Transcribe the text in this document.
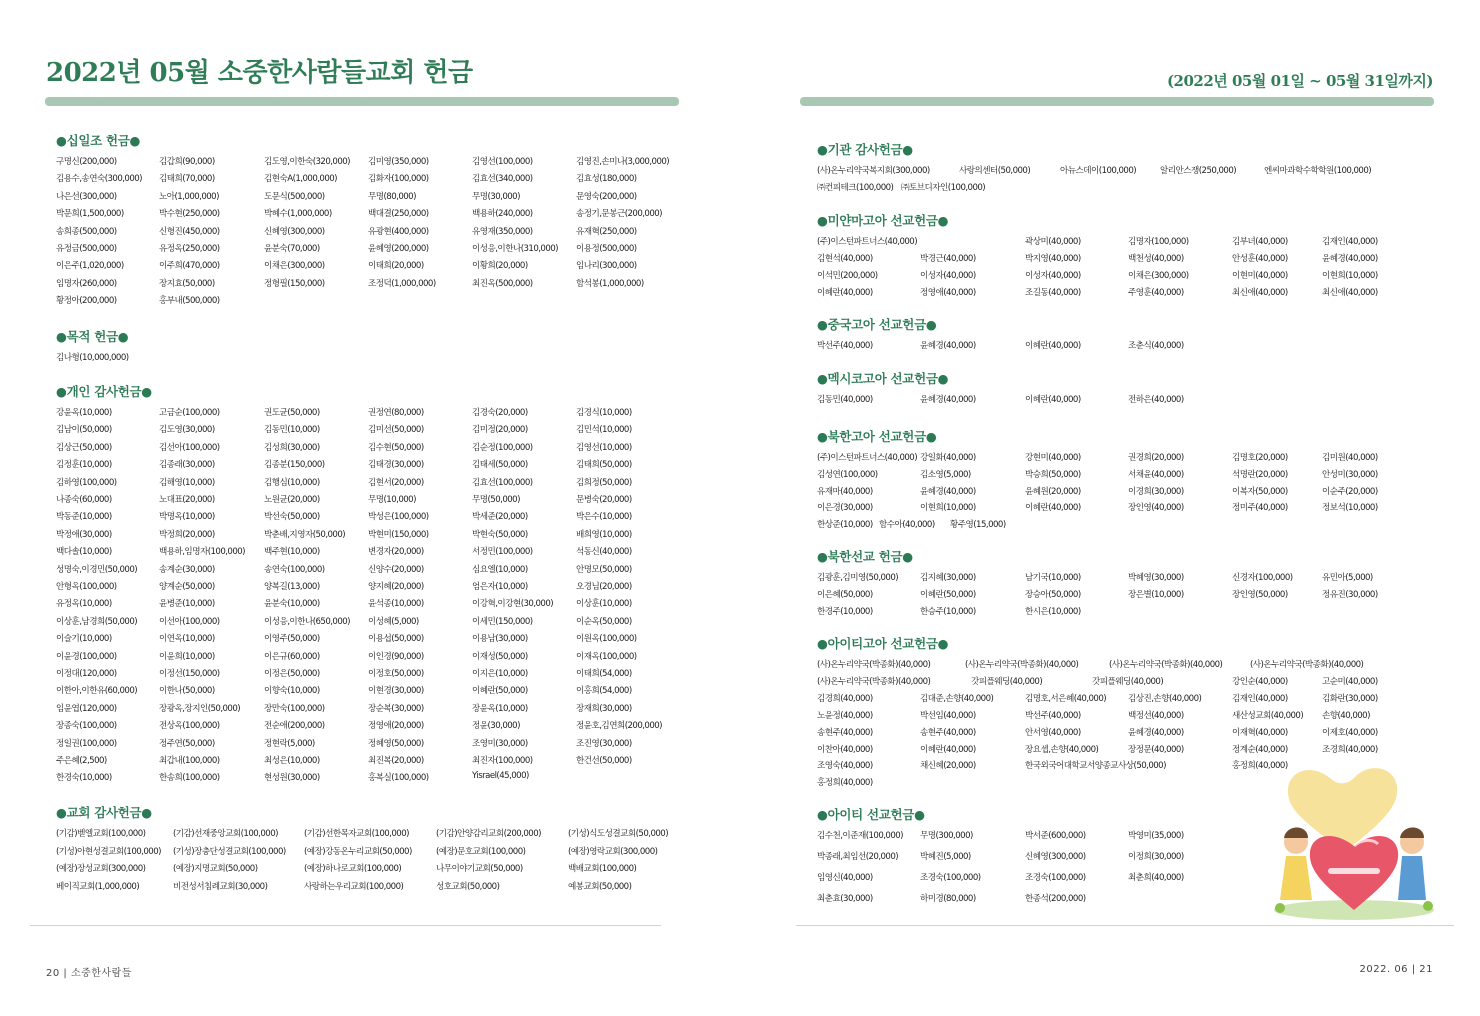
2022년 05월 소중한사람들교회 헌금	(2022년 05월 01일 ~ 05월 31일까지)
●십일조 헌금●
구명신(200,000)	김갑희(90,000)	김도영,이한숙(320,000) 김미영(350,000)	김영선(100,000)	김영진,손미나(3,000,000)
김용수,송연숙(300,000) 김태희(70,000)	김현숙A(1,000,000)	김화자(100,000)	김효선(340,000)	김효성(180,000)
나은선(300,000)	노아(1,000,000)	도문식(500,000)	무명(80,000)	무명(30,000)	문영숙(200,000)
박문희(1,500,000)	박수현(250,000)	박혜수(1,000,000)	백대결(250,000)	백용하(240,000)	송정기,문봉근(200,000)
송희종(500,000)	신형진(450,000)	신혜영(300,000)	유광현(400,000)	유영재(350,000)	유재혁(250,000)
유정금(500,000)	유정옥(250,000)	윤분숙(70,000)	윤혜영(200,000)	이성응,이한나(310,000) 이용정(500,000)
이은주(1,020,000)	이주희(470,000)	이채은(300,000)	이태희(20,000)	이황희(20,000)	임나리(300,000)
임명자(260,000)	장지효(50,000)	정형필(150,000)	조정덕(1,000,000)	최진옥(500,000)	함석봉(1,000,000)
황정아(200,000)	홍부내(500,000)
●목적 헌금●
김나형(10,000,000)
●개인 감사헌금●
강윤옥(10,000)	고금순(100,000)	권도균(50,000)	권정연(80,000)	김경숙(20,000)	김경식(10,000)
김남이(50,000)	김도영(30,000)	김동민(10,000)	김미선(50,000)	김미정(20,000)	김민석(10,000)
김상근(50,000)	김선아(100,000)	김성희(30,000)	김수현(50,000)	김순정(100,000)	김영선(10,000)
김정훈(10,000)	김종래(30,000)	김종분(150,000)	김태경(30,000)	김태세(50,000)	김태희(50,000)
김하영(100,000)	김해영(10,000)	김행심(10,000)	김현서(20,000)	김효선(100,000)	김희정(50,000)
나종숙(60,000)	노대표(20,000)	노원균(20,000)	무명(10,000)	무명(50,000)	문병숙(20,000)
박동준(10,000)	박명옥(10,000)	박선숙(50,000)	박성은(100,000)	박세준(20,000)	박은수(10,000)
박정애(30,000)	박정희(20,000)	박춘배,지영자(50,000)	박현미(150,000)	박현숙(50,000)	배희영(10,000)
백다솔(10,000)	백용하,임명자(100,000) 백주현(10,000)	변경자(20,000)	서정민(100,000)	석동신(40,000)
성명숙,이경민(50,000)	송계순(30,000)	송연숙(100,000)	신양수(20,000)	심요엘(10,000)	안명모(50,000)
안형옥(100,000)	양계순(50,000)	양복길(13,000)	양지혜(20,000)	엄은자(10,000)	오경님(20,000)
유정옥(10,000)	윤병준(10,000)	윤분숙(10,000)	윤석종(10,000)	이강혁,이강현(30,000)	이상훈(10,000)
이상훈,남경희(50,000)	이선아(100,000)	이성응,이한나(650,000) 이성혜(5,000)	이세민(150,000)	이순옥(50,000)
이슬기(10,000)	이연옥(10,000)	이영주(50,000)	이용섭(50,000)	이용남(30,000)	이원옥(100,000)
이윤경(100,000)	이윤희(10,000)	이은규(60,000)	이인경(90,000)	이재성(50,000)	이재옥(100,000)
이정대(120,000)	이정선(150,000)	이정은(50,000)	이정호(50,000)	이지은(10,000)	이태희(54,000)
이한아,이한유(60,000)	이한나(50,000)	이향숙(10,000)	이현경(30,000)	이혜란(50,000)	이홍희(54,000)
임윤엽(120,000)	장광옥,장지인(50,000)	장만숙(100,000)	장순복(30,000)	장윤옥(10,000)	장재희(30,000)
장종숙(100,000)	전상옥(100,000)	전순애(200,000)	정영애(20,000)	정윤(30,000)	정윤호,김연희(200,000)
정일권(100,000)	정주연(50,000)	정현락(5,000)	정혜영(50,000)	조영미(30,000)	조진영(30,000)
주은혜(2,500)	최갑내(100,000)	최성은(10,000)	최진복(20,000)	최진자(100,000)	한건선(50,000)
한경숙(10,000)	한송희(100,000)	현성원(30,000)	홍복실(100,000)	Yisrael(45,000)
●교회 감사헌금●
(기감)벧엘교회(100,000)	(기감)선재중앙교회(100,000)	(기감)선한목자교회(100,000)	(기감)안양감리교회(200,000)	(기성)식도성결교회(50,000)
(기성)아현성결교회(100,000) (기성)장충단성결교회(100,000) (예장)강동온누리교회(50,000)	(예장)문호교회(100,000)	(예장)영락교회(300,000)
(예장)장성교회(300,000)	(예장)지명교회(50,000)	(예장)하나로교회(100,000)	나무이야기교회(50,000)	백배교회(100,000)
베이직교회(1,000,000)	비전성서침례교회(30,000)	사랑하는우리교회(100,000)	성호교회(50,000)	예봉교회(50,000)
●기관 감사헌금●
(사)온누리약국복지회(300,000)	사랑의센터(50,000)	아뉴스데이(100,000)	알리안스쟁(250,000)	엔씨마과학수학학원(100,000)
㈜컨피테크(100,000) ㈜토브디자인(100,000)
●미얀마고아 선교헌금●
(주)이스턴파트너스(40,000)	곽상미(40,000)	김명자(100,000)	김부녀(40,000)	김재인(40,000)
김현석(40,000)	박경근(40,000)	박지영(40,000)	백천성(40,000)	안성훈(40,000)	윤혜경(40,000)
이석민(200,000)	이성자(40,000)	이성자(40,000)	이채은(300,000)	이현미(40,000)	이현희(10,000)
이혜란(40,000)	정영애(40,000)	조길동(40,000)	주영훈(40,000)	최신애(40,000)	최신애(40,000)
●중국고아 선교헌금●
박선주(40,000)	윤혜경(40,000)	이혜란(40,000)	조춘식(40,000)
●멕시코고아 선교헌금●
김동민(40,000)	윤혜경(40,000)	이혜란(40,000)	전하은(40,000)
●북한고아 선교헌금●
(주)이스턴파트너스(40,000) 강일화(40,000)	강현미(40,000)	권경희(20,000)	김명호(20,000)	김미원(40,000)
김성연(100,000)	김소영(5,000)	박승희(50,000)	서채윤(40,000)	석명란(20,000)	안성미(30,000)
유재마(40,000)	윤혜경(40,000)	윤혜원(20,000)	이경희(30,000)	이복자(50,000)	이순주(20,000)
이은경(30,000)	이현희(10,000)	이혜란(40,000)	장인영(40,000)	정미주(40,000)	정보석(10,000)
한상준(10,000) 함수아(40,000) 황주영(15,000)
●북한선교 헌금●
김광훈,김미영(50,000)	김지혜(30,000)	남기국(10,000)	박혜영(30,000)	신경자(100,000)	유민아(5,000)
이은혜(50,000)	이혜란(50,000)	장승아(50,000)	장은별(10,000)	장인영(50,000)	정유진(30,000)
한경주(10,000)	한승주(10,000)	한시은(10,000)
●아이티고아 선교헌금●
(사)온누리약국(박종화)(40,000)	(사)온누리약국(박종화)(40,000)	(사)온누리약국(박종화)(40,000)	(사)온누리약국(박종화)(40,000)
(사)온누리약국(박종화)(40,000)	갓피플웨딩(40,000)	갓피플웨딩(40,000)	강인순(40,000)	고순미(40,000)
김경희(40,000)	김대준,손향(40,000)	김명호,서은혜(40,000)	김상진,손향(40,000)	김재인(40,000)	김화란(30,000)
노윤정(40,000)	박선임(40,000)	박선주(40,000)	백정선(40,000)	새산성교회(40,000) 손향(40,000)
송현주(40,000)	송현주(40,000)	안서영(40,000)	윤혜경(40,000)	이재혁(40,000)	이제호(40,000)
이찬아(40,000)	이혜란(40,000)	장요셉,손향(40,000)	장정문(40,000)	정계순(40,000)	조경희(40,000)
조영숙(40,000)	채신혜(20,000)	한국외국어대학교서양종교사상(50,000)	홍정희(40,000)
홍정희(40,000)
●아이티 선교헌금●
김수천,이준재(100,000) 무명(300,000)	박서준(600,000)	박영미(35,000)
박종래,최임선(20,000)	박혜진(5,000)	신혜영(300,000)	이정희(30,000)
임영신(40,000)	조경숙(100,000)	조경숙(100,000)	최춘희(40,000)
최춘효(30,000)	하미경(80,000)	한종석(200,000)
20 | 소중한사람들	2022. 06 | 21
